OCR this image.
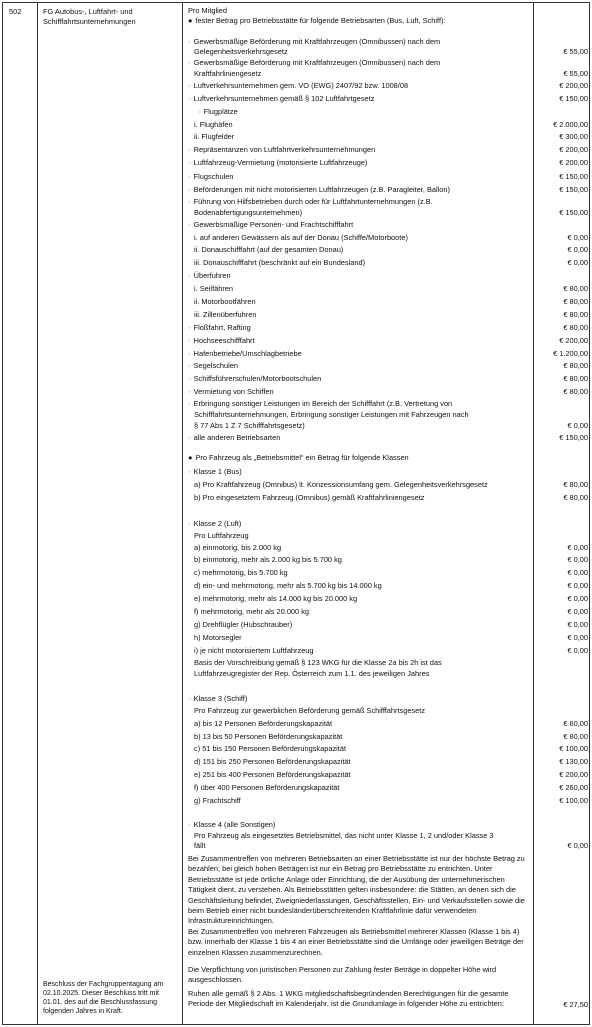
502	FG Autobus-, Luftfahrt- und Schifffahrtsunternehmungen
Beschluss der Fachgruppentagung am 02.10.2025. Dieser Beschluss tritt mit 01.01. des auf die Beschlussfassung folgenden Jahres in Kraft.
Pro Mitglied
● fester Betrag pro Betriebsstätte für folgende Betriebsarten (Bus, Luft, Schiff):
◦ Gewerbsmäßige Beförderung mit Kraftfahrzeugen (Omnibussen) nach dem
Gelegenheitsverkehrsgesetz	€ 55,00
◦ Gewerbsmäßige Beförderung mit Kraftfahrzeugen (Omnibussen) nach dem
Kraftfahrliniengesetz	€ 55,00
◦ Luftverkehrsunternehmen gem. VO (EWG) 2407/92 bzw. 1008/08	€ 200,00
◦ Luftverkehrsunternehmen gemäß § 102 Luftfahrtgesetz	€ 150,00
◦ Flugplätze
i. Flughäfen	€ 2.000,00
ii. Flugfelder	€ 300,00
◦ Repräsentanzen von Luftfahrtverkehrsunternehmungen	€ 200,00
◦ Luftfahrzeug-Vermietung (motorisierte Luftfahrzeuge)	€ 200,00
◦ Flugschulen	€ 150,00
◦ Beförderungen mit nicht motorisierten Luftfahrzeugen (z.B. Paragleiter, Ballon)	€ 150,00
◦ Führung von Hilfsbetrieben durch oder für Luftfahrtunternehmungen (z.B.
Bodenabfertigungsunternehmen)	€ 150,00
◦ Gewerbsmäßige Personen- und Frachtschifffahrt
i. auf anderen Gewässern als auf der Donau (Schiffe/Motorboote)	€ 0,00
ii. Donauschifffahrt (auf der gesamten Donau)	€ 0,00
iii. Donauschifffahrt (beschränkt auf ein Bundesland)	€ 0,00
◦ Überfuhren
i. Seilfähren	€ 80,00
ii. Motorbootfähren	€ 80,00
iii. Zillenüberfuhren	€ 80,00
◦ Floßfahrt, Rafting	€ 80,00
◦ Hochseeschifffahrt	€ 200,00
◦ Hafenbetriebe/Umschlagbetriebe	€ 1.200,00
◦ Segelschulen	€ 80,00
◦ Schiffsführerschulen/Motorbootschulen	€ 80,00
◦ Vermietung von Schiffen	€ 80,00
◦ Erbringung sonstiger Leistungen im Bereich der Schifffahrt (z.B. Vertretung von
Schifffahrtsunternehmungen, Erbringung sonstiger Leistungen mit Fahrzeugen nach
§ 77 Abs 1 Z 7 Schifffahrtsgesetz)	€ 0,00
◦ alle anderen Betriebsarten	€ 150,00
● Pro Fahrzeug als „Betriebsmittel“ ein Betrag für folgende Klassen
◦ Klasse 1 (Bus)
a) Pro Kraftfahrzeug (Omnibus) lt. Konzessionsumfang gem. Gelegenheitsverkehrsgesetz	€ 80,00
b) Pro eingesetztem Fahrzeug (Omnibus) gemäß Kraftfahrliniengesetz	€ 80,00
◦ Klasse 2 (Luft)
Pro Luftfahrzeug
a) einmotorig, bis 2.000 kg	€ 0,00
b) einmotorig, mehr als 2.000 kg bis 5.700 kg	€ 0,00
c) mehrmotorig, bis 5.700 kg	€ 0,00
d) ein- und mehrmotorig, mehr als 5.700 kg bis 14.000 kg	€ 0,00
e) mehrmotorig, mehr als 14.000 kg bis 20.000 kg	€ 0,00
f) mehrmotorig, mehr als 20.000 kg	€ 0,00
g) Drehflügler (Hubschrauber)	€ 0,00
h) Motorsegler	€ 0,00
i) je nicht motorisiertem Luftfahrzeug	€ 0,00
Basis der Vorschreibung gemäß § 123 WKG für die Klasse 2a bis 2h ist das
Luftfahrzeugregister der Rep. Österreich zum 1.1. des jeweiligen Jahres
◦ Klasse 3 (Schiff)
Pro Fahrzeug zur gewerblichen Beförderung gemäß Schifffahrtsgesetz
a) bis 12 Personen Beförderungskapazität	€ 60,00
b) 13 bis 50 Personen Beförderungskapazität	€ 80,00
c) 51 bis 150 Personen Beförderungskapazität	€ 100,00
d) 151 bis 250 Personen Beförderungskapazität	€ 130,00
e) 251 bis 400 Personen Beförderungskapazität	€ 200,00
f) über 400 Personen Beförderungskapazität	€ 260,00
g) Frachtschiff	€ 100,00
◦ Klasse 4 (alle Sonstigen)
Pro Fahrzeug als eingesetztes Betriebsmittel, das nicht unter Klasse 1, 2 und/oder Klasse 3
fällt	€ 0,00
Bei Zusammentreffen von mehreren Betriebsarten an einer Betriebsstätte ist nur der höchste Betrag zu bezahlen; bei gleich hohen Beträgen ist nur ein Betrag pro Betriebsstätte zu entrichten. Unter Betriebsstätte ist jede örtliche Anlage oder Einrichtung, die der Ausübung der unternehmerischen Tätigkeit dient, zu verstehen. Als Betriebsstätten gelten insbesondere: die Stätten, an denen sich die Geschäftsleitung befindet, Zweigniederlassungen, Geschäftsstellen, Ein- und Verkaufsstellen sowie die beim Betrieb einer nicht bundesländerüberschreitenden Kraftfahrlinie dafür verwendeten Infrastruktureinrichtungen.
Bei Zusammentreffen von mehreren Fahrzeugen als Betriebsmittel mehrerer Klassen (Klasse 1 bis 4) bzw. innerhalb der Klasse 1 bis 4 an einer Betriebsstätte sind die Umfänge oder jeweiligen Beträge der einzelnen Klassen zusammenzurechnen.
Die Verpflichtung von juristischen Personen zur Zahlung fester Beträge in doppelter Höhe wird ausgeschlossen.
Ruhen alle gemäß § 2 Abs. 1 WKG mitgliedschaftsbegründenden Berechtigungen für die gesamte Periode der Mitgliedschaft im Kalenderjahr, ist die Grundumlage in folgender Höhe zu entrichten:	€ 27,50
